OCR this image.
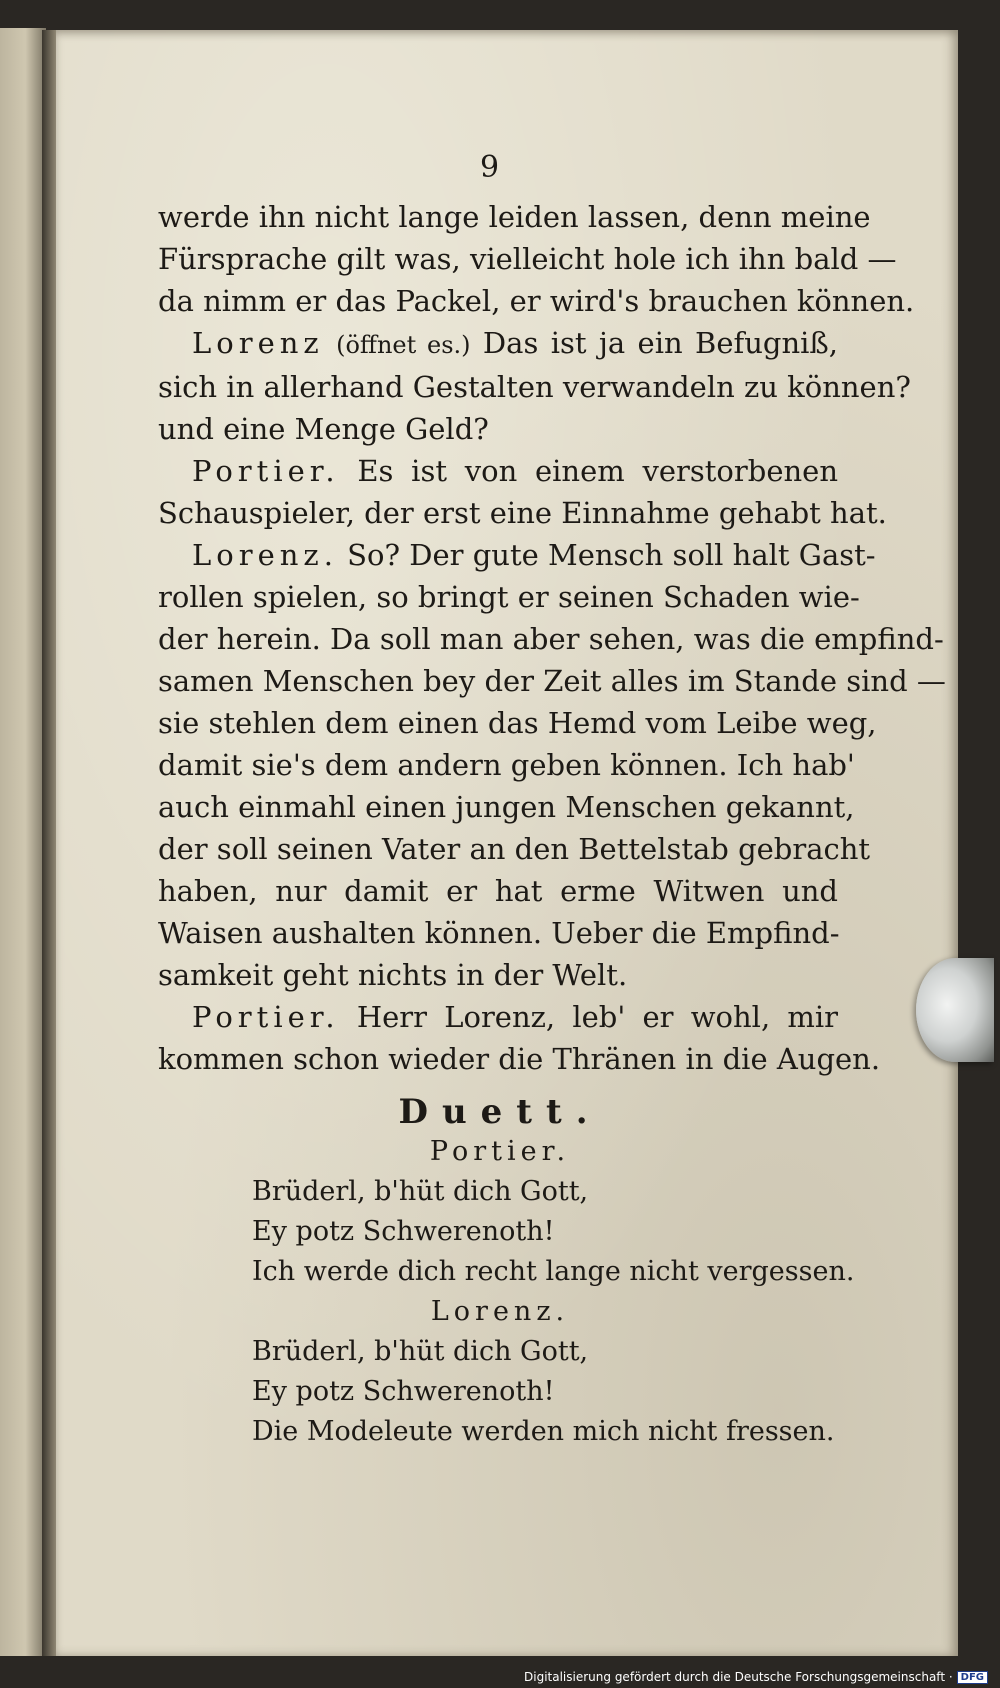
9
werde ihn nicht lange leiden lassen, denn meine
Fürsprache gilt was, vielleicht hole ich ihn bald —
da nimm er das Packel, er wird's brauchen können.
Lorenz (öffnet es.) Das ist ja ein Befugniß,
sich in allerhand Gestalten verwandeln zu können?
und eine Menge Geld?
Portier. Es ist von einem verstorbenen
Schauspieler, der erst eine Einnahme gehabt hat.
Lorenz. So? Der gute Mensch soll halt Gast-
rollen spielen, so bringt er seinen Schaden wie-
der herein. Da soll man aber sehen, was die empfind-
samen Menschen bey der Zeit alles im Stande sind —
sie stehlen dem einen das Hemd vom Leibe weg,
damit sie's dem andern geben können. Ich hab'
auch einmahl einen jungen Menschen gekannt,
der soll seinen Vater an den Bettelstab gebracht
haben, nur damit er hat erme Witwen und
Waisen aushalten können. Ueber die Empfind-
samkeit geht nichts in der Welt.
Portier. Herr Lorenz, leb' er wohl, mir
kommen schon wieder die Thränen in die Augen.
Duett.
Portier.
Brüderl, b'hüt dich Gott,
Ey potz Schwerenoth!
Ich werde dich recht lange nicht vergessen.
Lorenz.
Brüderl, b'hüt dich Gott,
Ey potz Schwerenoth!
Die Modeleute werden mich nicht fressen.
Digitalisierung gefördert durch die Deutsche Forschungsgemeinschaft · DFG
